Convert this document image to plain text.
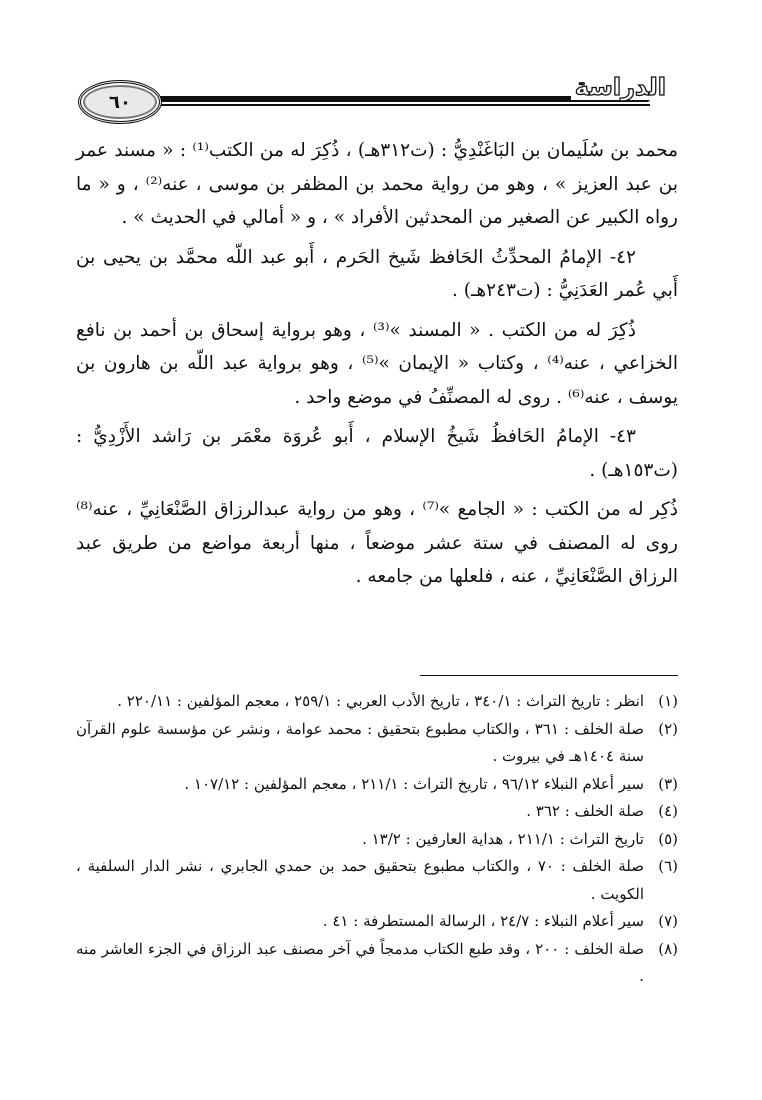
٦٠
الدراسة

محمد بن سُلَيمان بن البَاغَنْدِيُّ : (ت٣١٢هـ) ، ذُكِرَ له من الكتب⁽¹⁾ : « مسند عمر بن عبد العزيز » ، وهو من رواية محمد بن المظفر بن موسى ، عنه⁽²⁾ ، و « ما رواه الكبير عن الصغير من المحدثين الأفراد » ، و « أمالي في الحديث » .

٤٢- الإمامُ المحدِّثُ الحَافظ شَيخ الحَرم ، أَبو عبد اللّه محمَّد بن يحيى بن أَبي عُمر العَدَنِيُّ : (ت٢٤٣هـ) .

ذُكِرَ له من الكتب . « المسند »⁽³⁾ ، وهو برواية إسحاق بن أحمد بن نافع الخزاعي ، عنه⁽⁴⁾ ، وكتاب « الإيمان »⁽⁵⁾ ، وهو برواية عبد اللّه بن هارون بن يوسف ، عنه⁽⁶⁾ . روى له المصنِّفُ في موضع واحد .

٤٣- الإمامُ الحَافظُ شَيخُ الإسلام ، أَبو عُروَة معْمَر بن رَاشد الأَزْدِيُّ : (ت١٥٣هـ) .

ذُكِر له من الكتب : « الجامع »⁽⁷⁾ ، وهو من رواية عبدالرزاق الصَّنْعَانِيِّ ، عنه⁽⁸⁾ روى له المصنف في ستة عشر موضعاً ، منها أربعة مواضع من طريق عبد الرزاق الصَّنْعَانِيِّ ، عنه ، فلعلها من جامعه .

(١)
انظر : تاريخ التراث : ٣٤٠/١ ، تاريخ الأدب العربي : ٢٥٩/١ ، معجم المؤلفين : ٢٢٠/١١ .
(٢)
صلة الخلف : ٣٦١ ، والكتاب مطبوع بتحقيق : محمد عوامة ، ونشر عن مؤسسة علوم القرآن سنة ١٤٠٤هـ في بيروت .
(٣)
سير أعلام النبلاء ٩٦/١٢ ، تاريخ التراث : ٢١١/١ ، معجم المؤلفين : ١٠٧/١٢ .
(٤)
صلة الخلف : ٣٦٢ .
(٥)
تاريخ التراث : ٢١١/١ ، هداية العارفين : ١٣/٢ .
(٦)
صلة الخلف : ٧٠ ، والكتاب مطبوع بتحقيق حمد بن حمدي الجابري ، نشر الدار السلفية ، الكويت .
(٧)
سير أعلام النبلاء : ٢٤/٧ ، الرسالة المستطرفة : ٤١ .
(٨)
صلة الخلف : ٢٠٠ ، وقد طبع الكتاب مدمجاً في آخر مصنف عبد الرزاق في الجزء العاشر منه .
